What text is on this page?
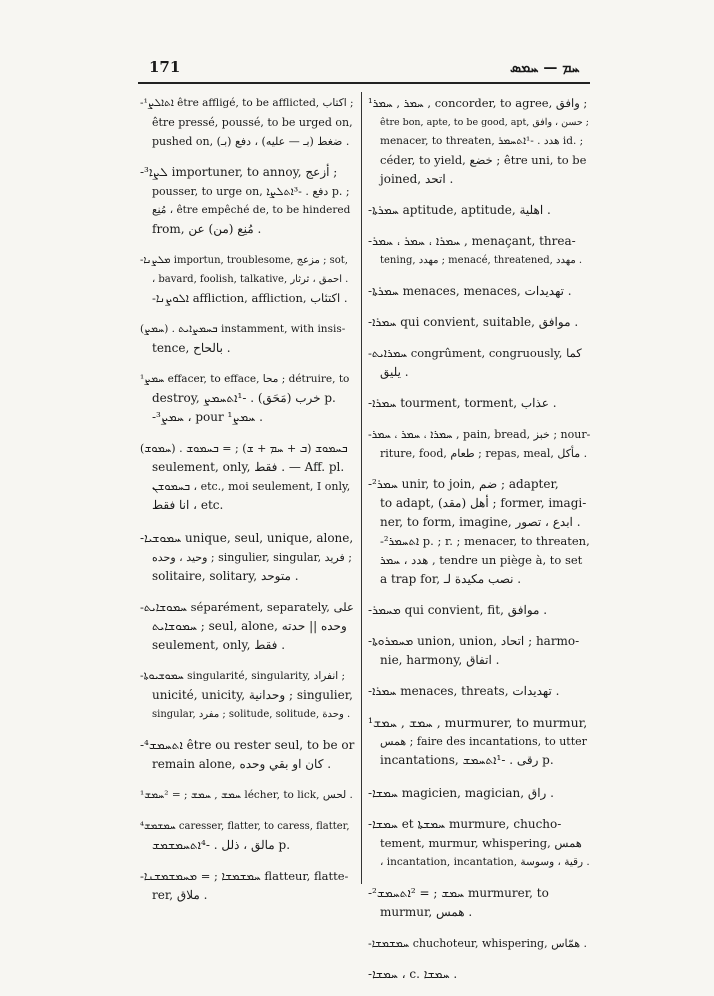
171	ܚܡ — ܚܡܣ
-ܐܬܐܠܨ¹ être affligé, to be afflicted, اكتاب ;
être pressé, poussé, to be urged on,
pushed on, ضغط (بـ — عليه) ، دفع (بـ) .
-³ܠܨܐ importuner, to annoy, أزعج ;
pousser, to urge on, دفع . -³ܐܬܠܨܐ p. ;
مُنِع ، être empêché de, to be hindered
from, مُنِع (من) عن .
-ܡܠܨܢܐ importun, troublesome, مزعج ; sot,
، bavard, foolish, talkative, احمق ، ثرثار .
-ܐܠܘܨܢܐ affliction, affliction, اكتئاب .
(ܚܡܨ) . ܒܚܡܨܐܝܬ instamment, with insis-
tence, بالحاح .
¹ܚܡܨ effacer, to efface, محا ; détruire, to
destroy, خرب (مَحَق) . -¹ܐܬܚܡܨ p.
-³ܚܡܨ ، pour ¹ܚܡܨ .
(ܚܡܘܫ) . ܒܚܡܘܫ (ܒ + ܚܡ + ܫ) ; = ܒܚܡܘܫ
seulement, only, فقط . — Aff. pl.
ܒܚܡܘܫܢ ، etc., moi seulement, I only,
انا فقط ، etc.
-ܚܡܘܫܝܐ unique, seul, unique, alone,
وحيد ، وحده ; singulier, singular, فريد ;
solitaire, solitary, متوحد .
-ܚܡܘܫܐܝܬ séparément, separately, على
ܚܡܘܫܐܝܬ ; seul, alone, وحده || حدته
seulement, only, فقط .
-ܚܡܘܫܝܘܬܐ singularité, singularity, انفراد ;
unicité, unicity, وحدانية ; singulier,
singular, مفرد ; solitude, solitude, وحدة .
-⁴ܐܬܚܡܫ être ou rester seul, to be or
remain alone, كان او بقي وحده .
¹ܚܡܫ , ܚܡܫ ; = ²ܚܡܫ lécher, to lick, لحس .
⁴ܚܡܫܡܫ caresser, flatter, to caress, flatter,
مالق ، ذلل . -⁴ܐܬܚܡܫܡܫ p.
-ܚܡܫܡܫܐ ; = ܡܚܡܫܡܫܢܐ flatteur, flatte-
rer, ملاق .
¹ܚܡܪ , ܚܡܪ , concorder, to agree, وافق ;
être bon, apte, to be good, apt, حسن ، وافق ;
menacer, to threaten, هدد . -¹ܐܬܚܡܪ id. ;
céder, to yield, خضع ; être uni, to be
joined, اتحد .
-ܚܡܪܬܐ aptitude, aptitude, اهلية .
-ܚܡܪܐ ، ܚܡܪ ، ܚܡܪ , menaçant, threa-
tening, مهدد ; menacé, threatened, مهدد .
-ܚܡܪܬܐ menaces, menaces, تهديدات .
-ܚܡܪܐ qui convient, suitable, موافق .
-ܚܡܪܐܝܬ congrûment, congruously, كما
يليق .
-ܚܡܪܐ tourment, torment, عذاب .
-ܚܡܪܐ ، ܚܡܪ ، ܚܡܪ , pain, bread, خبز ; nour-
riture, food, طعام ; repas, meal, مأكل .
-²ܚܡܪ unir, to join, ضم ; adapter,
to adapt, أهل (مقد) ; former, imagi-
ner, to form, imagine, ابدع ، تصور .
-²ܐܬܚܡܪ p. ; r. ; menacer, to threaten,
هدد ، ܚܡܪ , tendre un piège à, to set
a trap for, نصب مكيدة لـ .
-ܡܚܡܪ qui convient, fit, موافق .
-ܡܚܡܪܘܬܐ union, union, اتحاد ; harmo-
nie, harmony, اتفاق .
-ܚܡܪܐ menaces, threats, تهديدات .
¹ܚܡܫ , ܚܡܫ , murmurer, to murmur,
همس ; faire des incantations, to utter
incantations, رقى . -¹ܐܬܚܡܫ p.
-ܚܡܫܐ magicien, magician, راق .
-ܚܡܫܐ et ܚܡܫܬܐ murmure, chucho-
tement, murmur, whispering, همس
، incantation, incantation, رقية ، وسوسة .
-²ܚܡܫ ; = ²ܐܬܚܡܫ murmurer, to
murmur, همس .
-ܚܡܫܡܫܐ chuchoteur, whispering, همّاس .
-ܚܡܫܐ ، c. ܚܡܫܐ .
